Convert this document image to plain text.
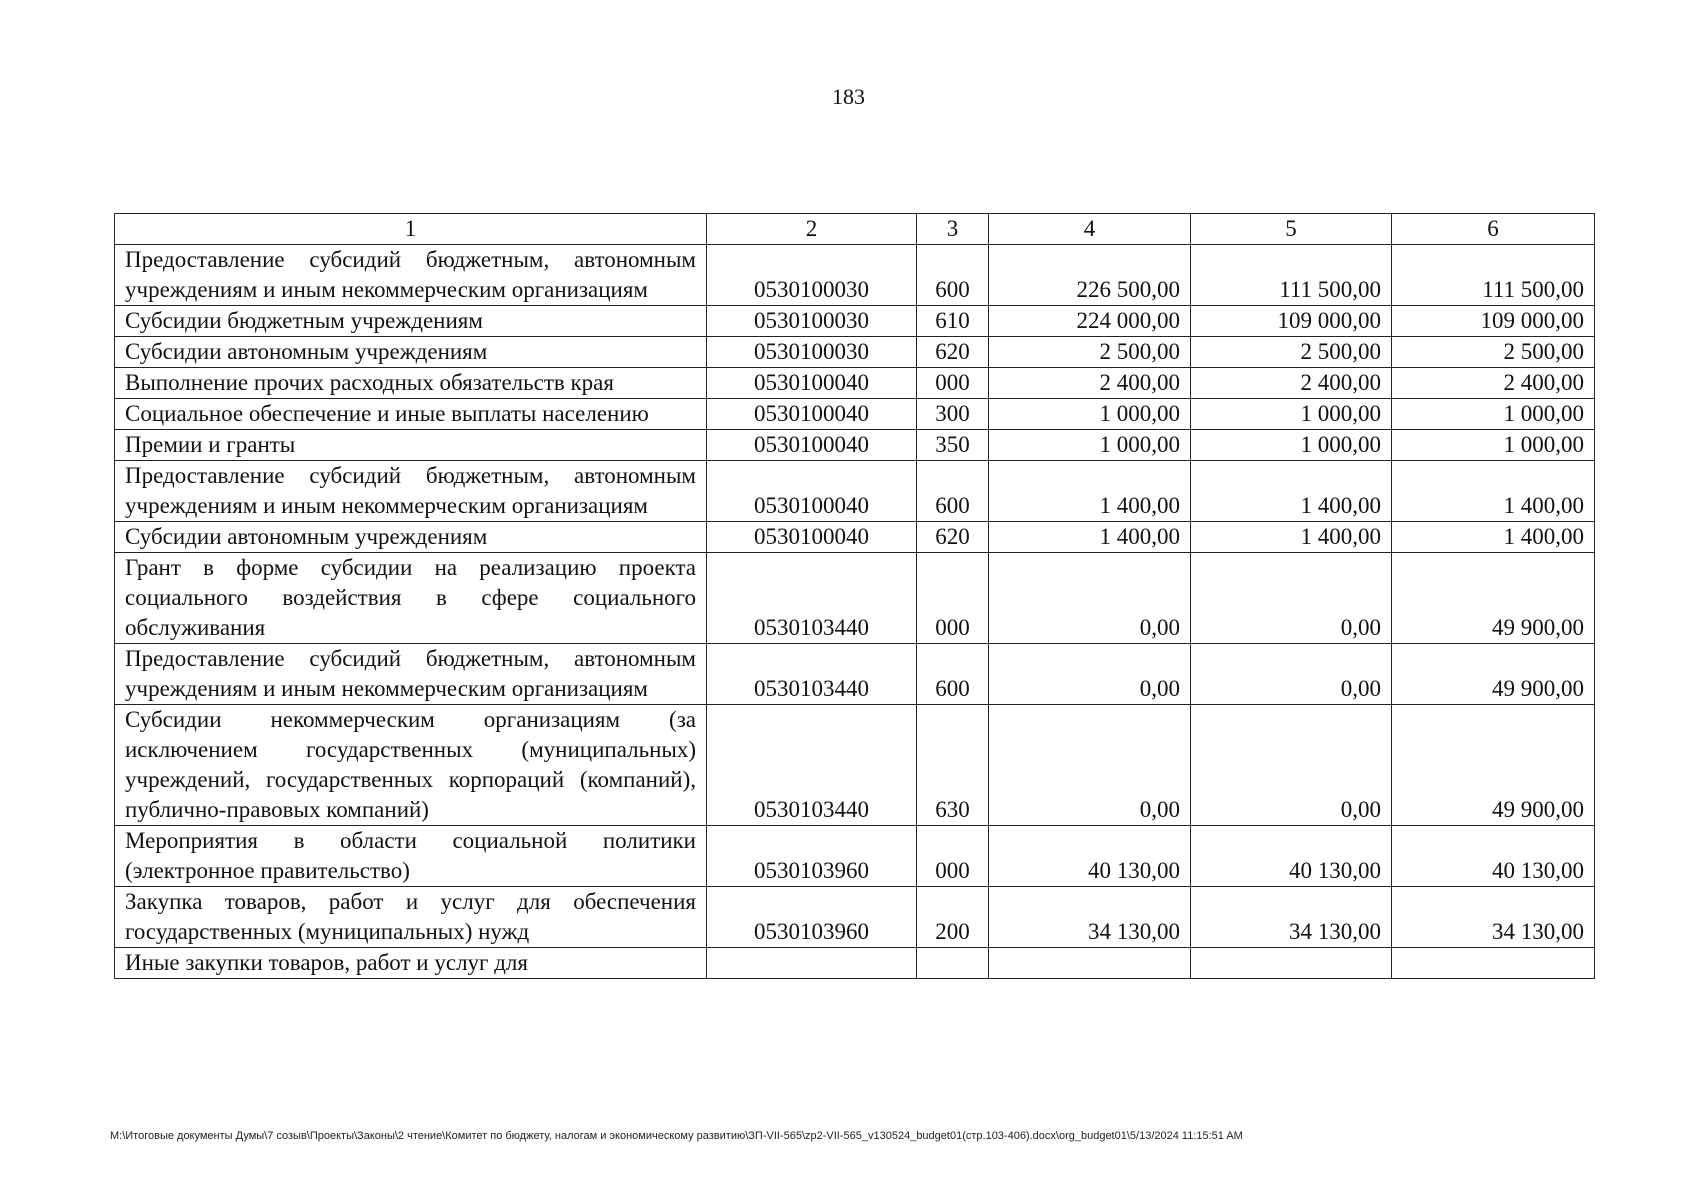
183
1	2	3	4	5	6
Предоставление субсидий бюджетным, автономным учреждениям и иным некоммерческим организациям	0530100030	600	226 500,00	111 500,00	111 500,00
Субсидии бюджетным учреждениям	0530100030	610	224 000,00	109 000,00	109 000,00
Субсидии автономным учреждениям	0530100030	620	2 500,00	2 500,00	2 500,00
Выполнение прочих расходных обязательств края	0530100040	000	2 400,00	2 400,00	2 400,00
Социальное обеспечение и иные выплаты населению	0530100040	300	1 000,00	1 000,00	1 000,00
Премии и гранты	0530100040	350	1 000,00	1 000,00	1 000,00
Предоставление субсидий бюджетным, автономным учреждениям и иным некоммерческим организациям	0530100040	600	1 400,00	1 400,00	1 400,00
Субсидии автономным учреждениям	0530100040	620	1 400,00	1 400,00	1 400,00
Грант в форме субсидии на реализацию проекта социального воздействия в сфере социального обслуживания	0530103440	000	0,00	0,00	49 900,00
Предоставление субсидий бюджетным, автономным учреждениям и иным некоммерческим организациям	0530103440	600	0,00	0,00	49 900,00
Субсидии некоммерческим организациям (за исключением государственных (муниципальных) учреждений, государственных корпораций (компаний), публично-правовых компаний)	0530103440	630	0,00	0,00	49 900,00
Мероприятия в области социальной политики (электронное правительство)	0530103960	000	40 130,00	40 130,00	40 130,00
Закупка товаров, работ и услуг для обеспечения государственных (муниципальных) нужд	0530103960	200	34 130,00	34 130,00	34 130,00
Иные закупки товаров, работ и услуг для					
M:\Итоговые документы Думы\7 созыв\Проекты\Законы\2 чтение\Комитет по бюджету, налогам и экономическому развитию\ЗП-VII-565\zp2-VII-565_v130524_budget01(стр.103-406).docx\org_budget01\5/13/2024 11:15:51 AM
